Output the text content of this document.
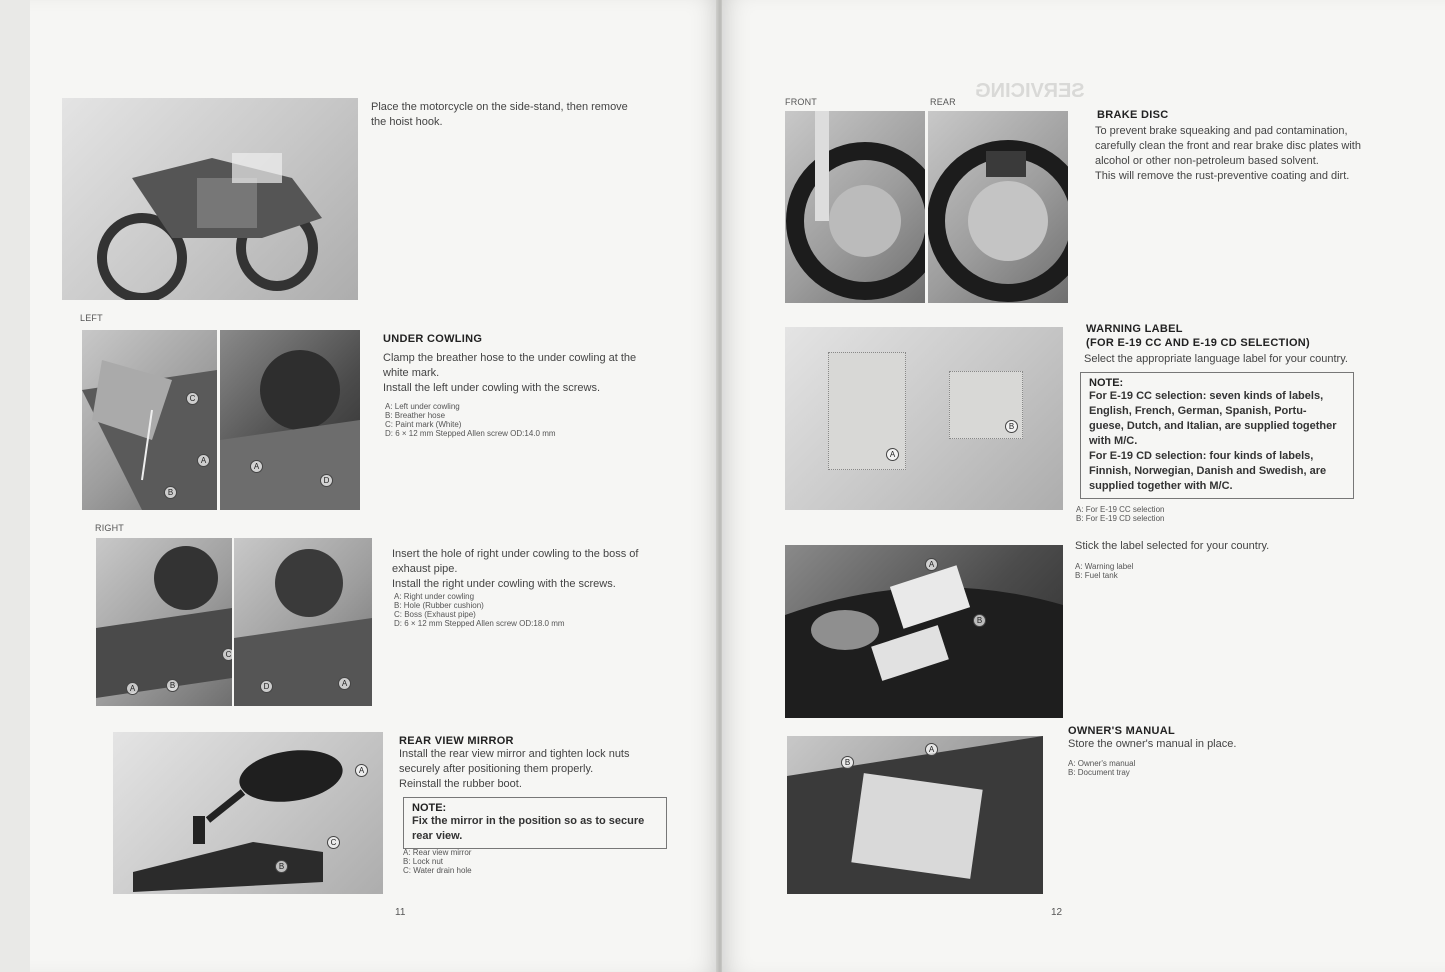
Place the motorcycle on the side-stand, then remove
the hoist hook.
LEFT
C
A
B
A
D
UNDER COWLING
Clamp the breather hose to the under cowling at the
white mark.
Install the left under cowling with the screws.
A: Left under cowling
B: Breather hose
C: Paint mark (White)
D: 6 × 12 mm Stepped Allen screw OD:14.0 mm
RIGHT
C
A	B	D	A
Insert the hole of right under cowling to the boss of
exhaust pipe.
Install the right under cowling with the screws.
A: Right under cowling
B: Hole (Rubber cushion)
C: Boss (Exhaust pipe)
D: 6 × 12 mm Stepped Allen screw OD:18.0 mm
A
C
B
REAR VIEW MIRROR
Install the rear view mirror and tighten lock nuts
securely after positioning them properly.
Reinstall the rubber boot.
NOTE:
Fix the mirror in the position so as to secure
rear view.
A: Rear view mirror
B: Lock nut
C: Water drain hole
11
SERVICING
FRONT	REAR
BRAKE DISC
To prevent brake squeaking and pad contamination,
carefully clean the front and rear brake disc plates with
alcohol or other non-petroleum based solvent.
This will remove the rust-preventive coating and dirt.
A
B
WARNING LABEL
(FOR E-19 CC AND E-19 CD SELECTION)
Select the appropriate language label for your country.
NOTE:
For E-19 CC selection: seven kinds of labels,
English, French, German, Spanish, Portu-
guese, Dutch, and Italian, are supplied together
with M/C.
For E-19 CD selection: four kinds of labels,
Finnish, Norwegian, Danish and Swedish, are
supplied together with M/C.
A: For E-19 CC selection
B: For E-19 CD selection
A
B
Stick the label selected for your country.
A: Warning label
B: Fuel tank
B
A
OWNER'S MANUAL
Store the owner's manual in place.
A: Owner's manual
B: Document tray
12
